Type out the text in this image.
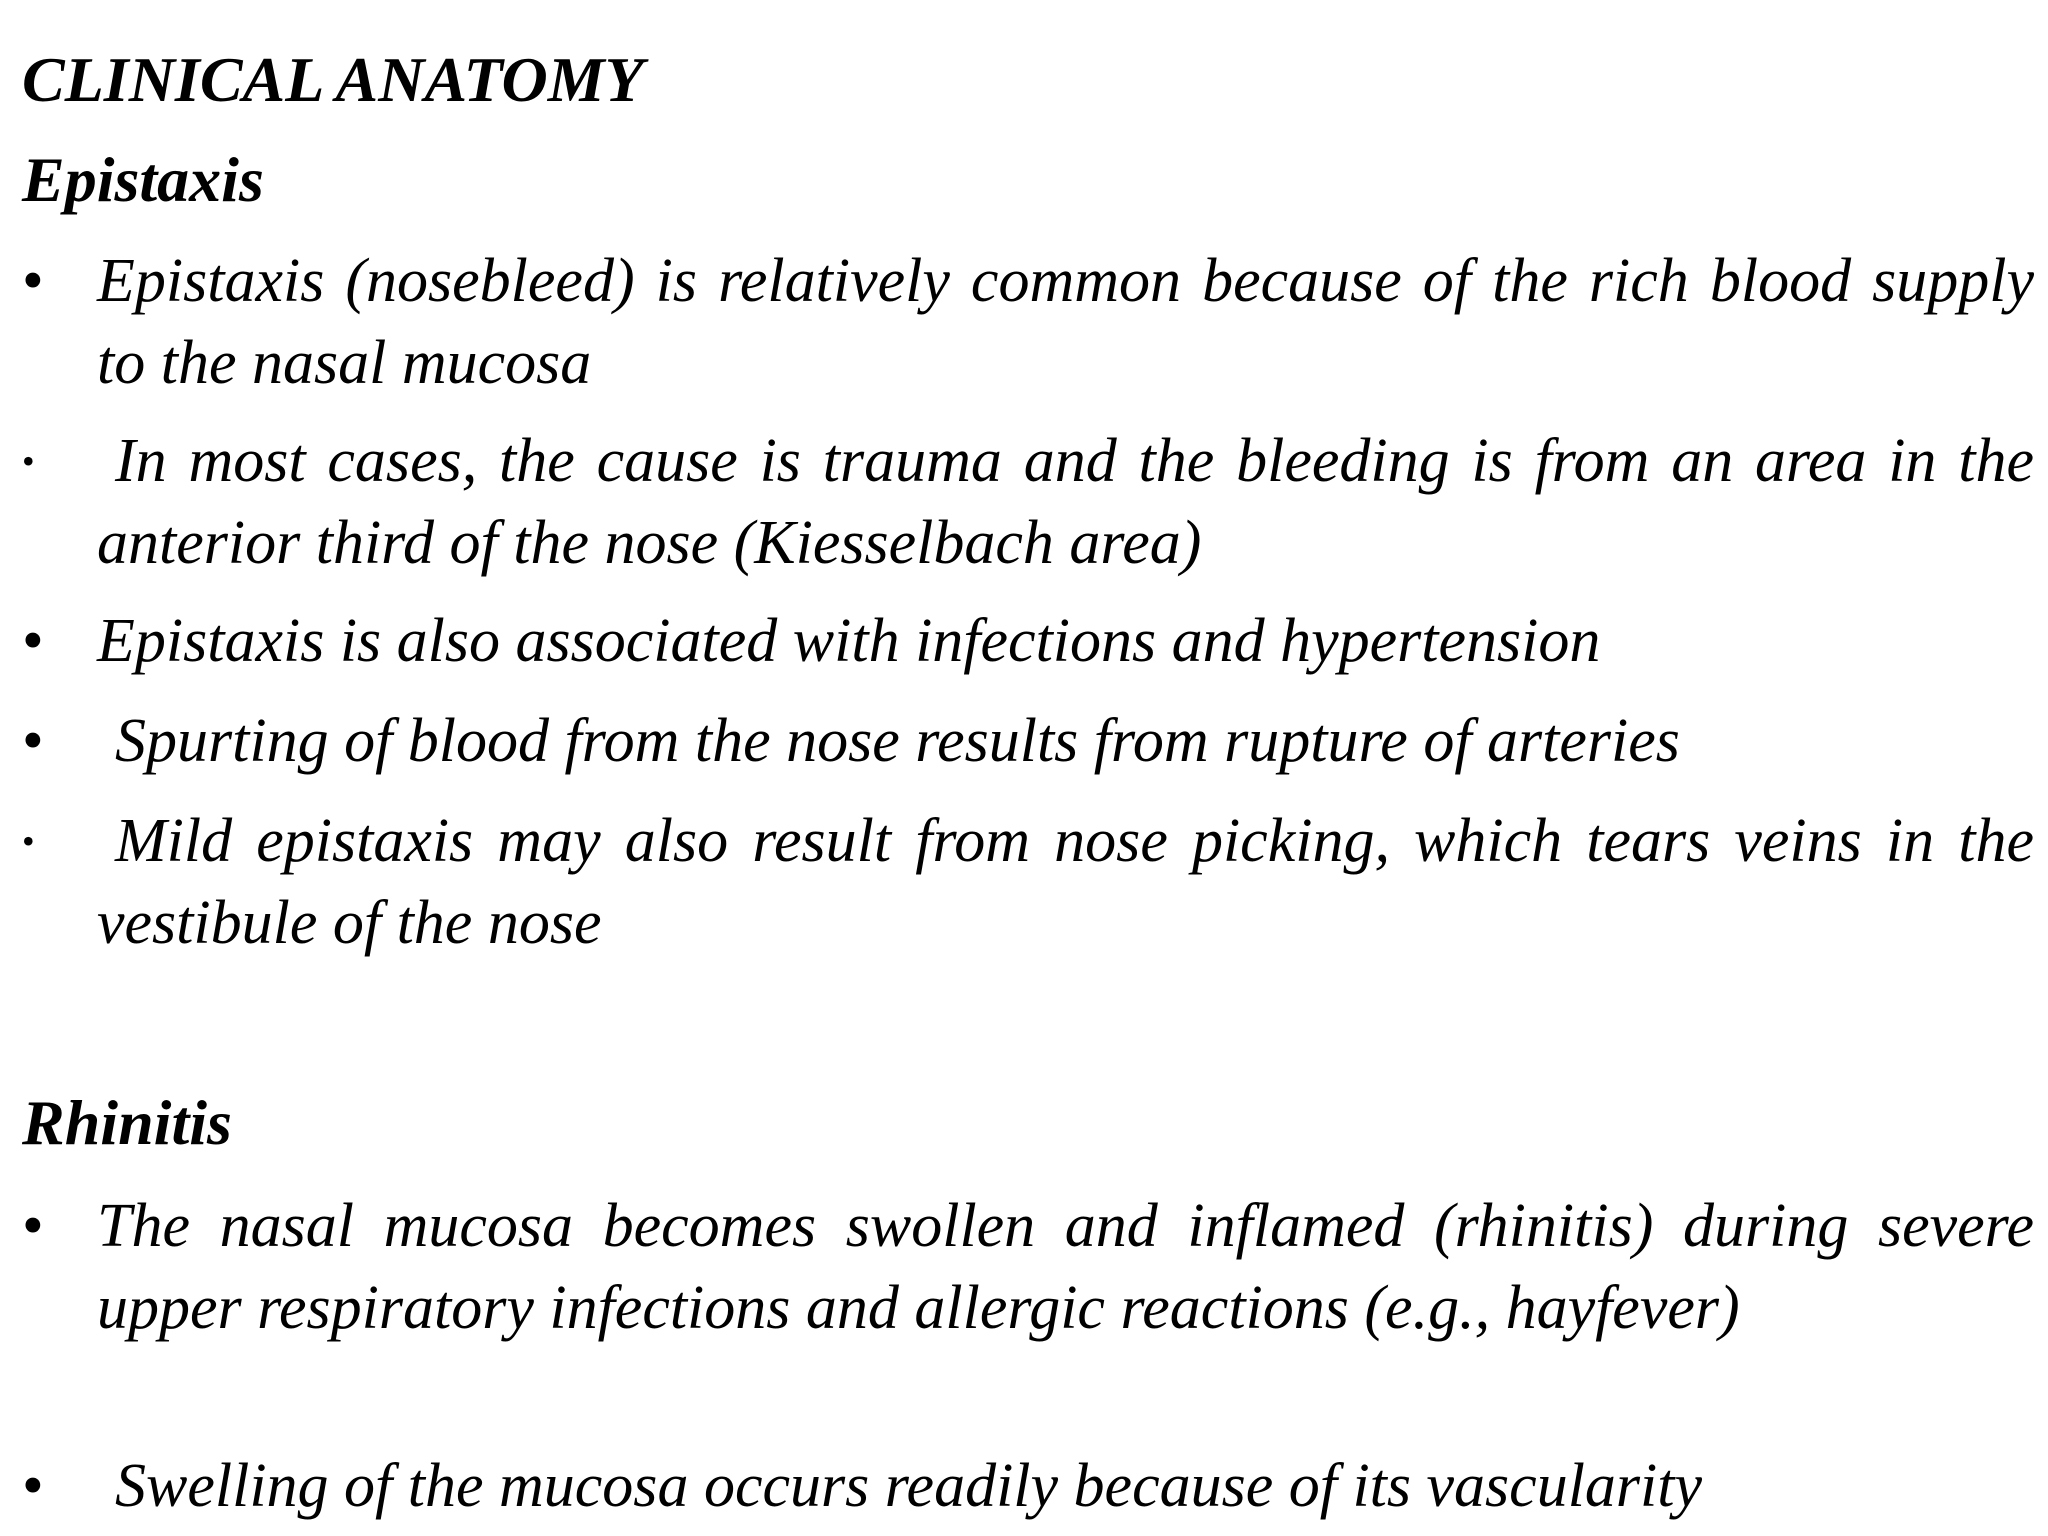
CLINICAL ANATOMY
Epistaxis
• Epistaxis (nosebleed) is relatively common because of the rich blood supply to the nasal mucosa
• In most cases, the cause is trauma and the bleeding is from an area in the anterior third of the nose (Kiesselbach area)
• Epistaxis is also associated with infections and hypertension
• Spurting of blood from the nose results from rupture of arteries
• Mild epistaxis may also result from nose picking, which tears veins in the vestibule of the nose
Rhinitis
• The nasal mucosa becomes swollen and inflamed (rhinitis) during severe upper respiratory infections and allergic reactions (e.g., hayfever)
• Swelling of the mucosa occurs readily because of its vascularity
